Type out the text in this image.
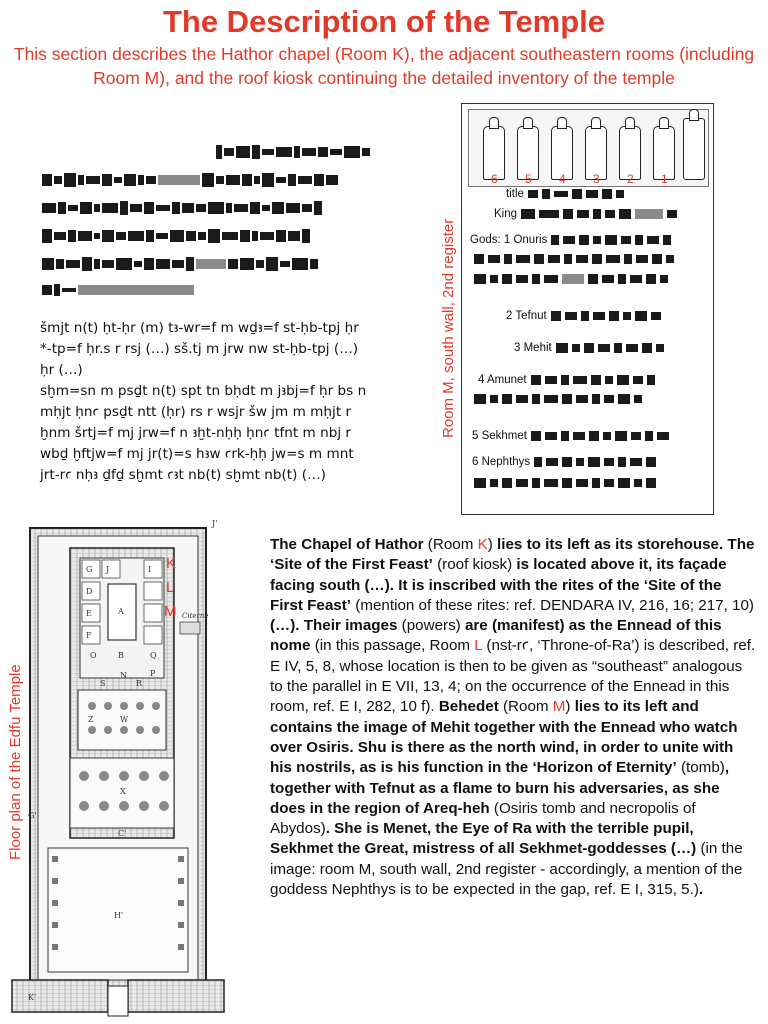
The Description of the Temple
This section describes the Hathor chapel (Room K), the adjacent southeastern rooms (including Room M), and the roof kiosk continuing the detailed inventory of the temple
šmjt n(t) ḥt-ḥr (m) tꜣ-wr=f m wḏꜣ=f st-ḥb-tpj ḥr
*-tp=f ḥr.s r rsj (…) sš.tj m jrw nw st-ḥb-tpj (…)
ḥr (…)
sḫm=sn m psḏt n(t) spt tn bḥdt m jꜣbj=f ḥr bs n
mḥjt ḥnꜥ psḏt ntt (ḥr) rs r wsjr šw jm m mḥjt r
ḫnm šrtj=f mj jrw=f n ꜣḫt-nḥḥ ḥnꜥ tfnt m nbj r
wbḏ ḫftjw=f mj jr(t)=s hꜣw ꜥrk-ḥḥ jw=s m mnt
jrt-rꜥ nḥꜣ ḏfḏ sḫmt ꜥꜣt nb(t) sḫmt nb(t) (…)
Room M, south wall, 2nd register
6 5 4 3 2 1
title
King
Gods: 1 Onuris
2 Tefnut
3 Mehit
4 Amunet
5 Sekhmet
6 Nephthys
Floor plan of the Edfu Temple
G J
D
E
F
A
B
I
O	Q
N	P
S	R
Z	W
X
C'
H'
K'
G'
J'
Citerne
K
L
M
The Chapel of Hathor (Room K) lies to its left as its storehouse. The ‘Site of the First Feast’ (roof kiosk) is located above it, its façade facing south (…). It is inscribed with the rites of the ‘Site of the First Feast’ (mention of these rites: ref. DENDARA IV, 216, 16; 217, 10) (…). Their images (powers) are (manifest) as the Ennead of this nome (in this passage, Room L (nst-rꜥ, ‘Throne-of-Ra’) is described, ref. E IV, 5, 8, whose location is then to be given as “southeast” analogous to the parallel in E VII, 13, 4; on the occurrence of the Ennead in this room, ref. E I, 282, 10 f). Behedet (Room M) lies to its left and contains the image of Mehit together with the Ennead who watch over Osiris. Shu is there as the north wind, in order to unite with his nostrils, as is his function in the ‘Horizon of Eternity’ (tomb), together with Tefnut as a flame to burn his adversaries, as she does in the region of Areq-heh (Osiris tomb and necropolis of Abydos). She is Menet, the Eye of Ra with the terrible pupil, Sekhmet the Great, mistress of all Sekhmet-goddesses (…) (in the image: room M, south wall, 2nd register - accordingly, a mention of the goddess Nephthys is to be expected in the gap, ref. E I, 315, 5.).
